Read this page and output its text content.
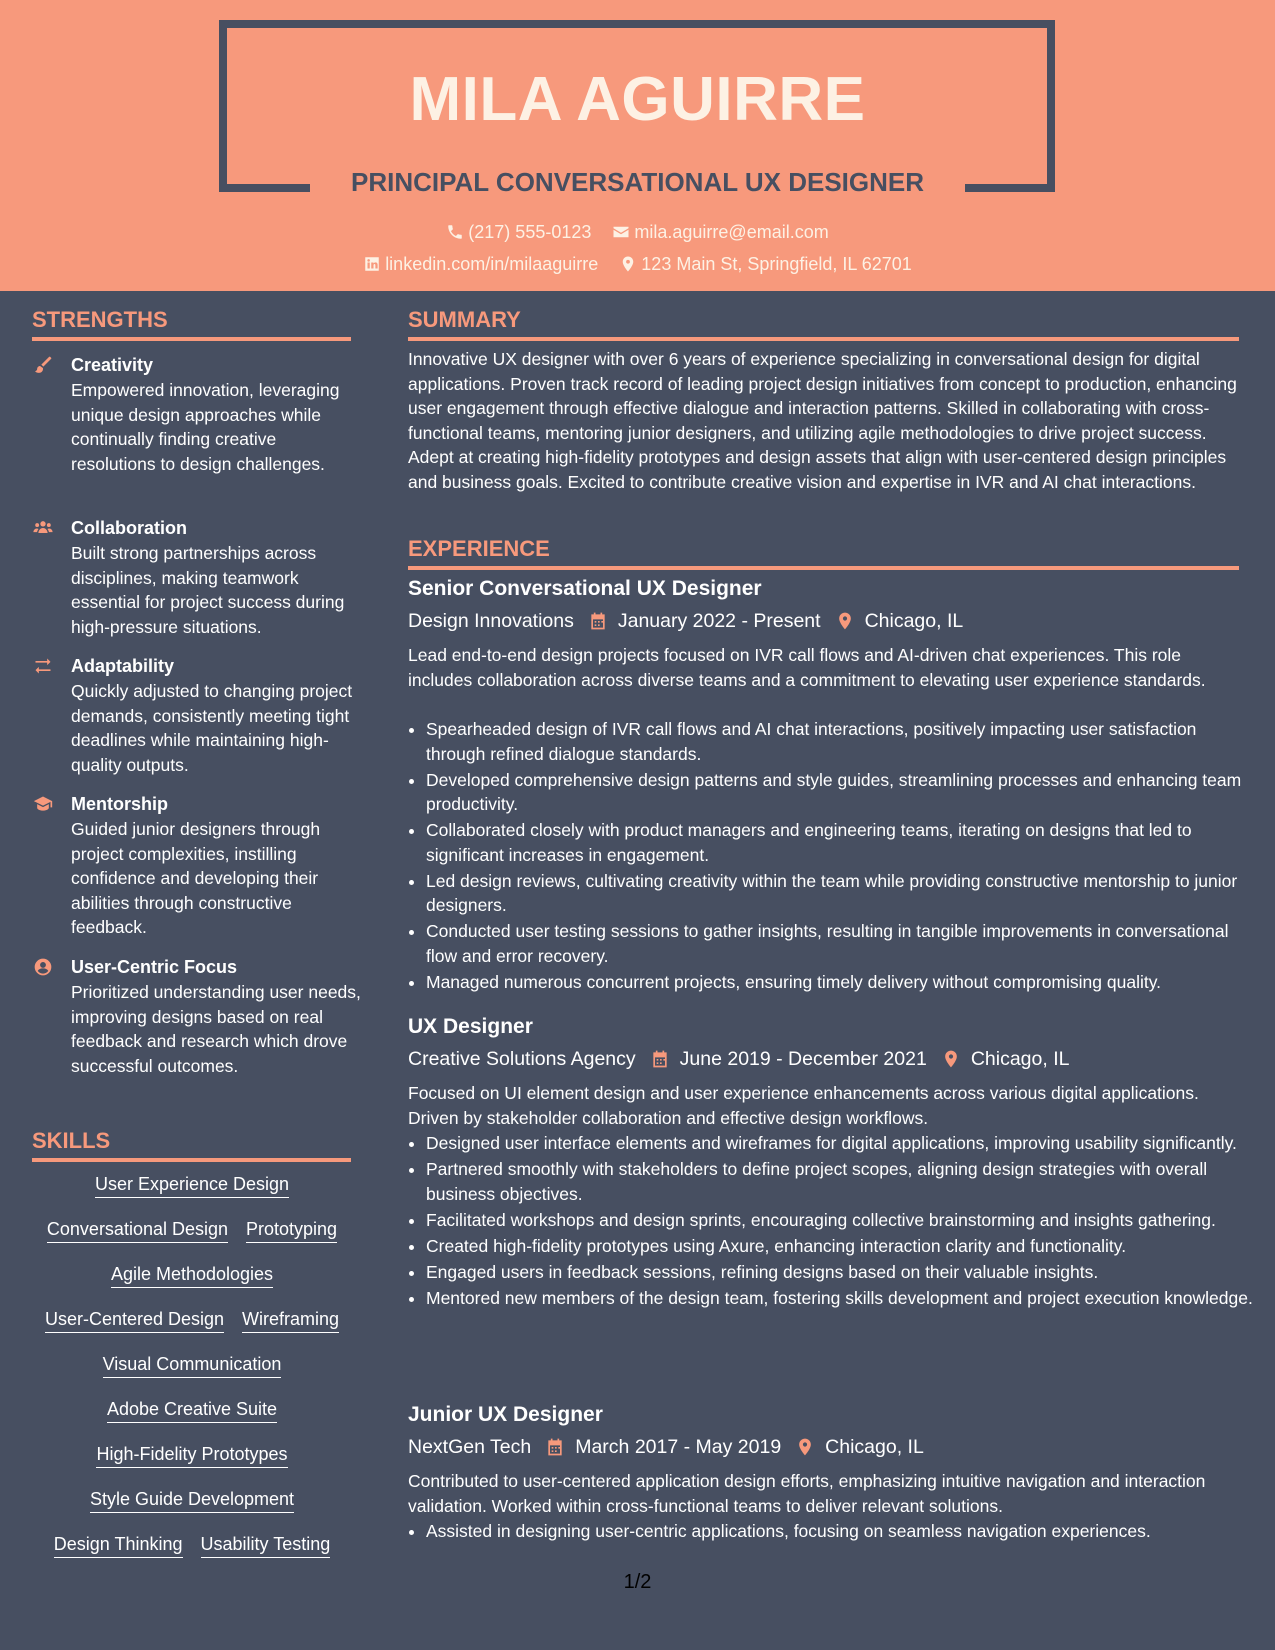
MILA AGUIRRE
PRINCIPAL CONVERSATIONAL UX DESIGNER
(217) 555-0123
mila.aguirre@email.com
linkedin.com/in/milaaguirre
123 Main St, Springfield, IL 62701
STRENGTHS
Creativity
Empowered innovation, leveraging unique design approaches while continually finding creative resolutions to design challenges.
Collaboration
Built strong partnerships across disciplines, making teamwork essential for project success during high-pressure situations.
Adaptability
Quickly adjusted to changing project demands, consistently meeting tight deadlines while maintaining high-quality outputs.
Mentorship
Guided junior designers through project complexities, instilling confidence and developing their abilities through constructive feedback.
User-Centric Focus
Prioritized understanding user needs, improving designs based on real feedback and research which drove successful outcomes.
SKILLS
User Experience Design
Conversational Design Prototyping
Agile Methodologies
User-Centered Design Wireframing
Visual Communication
Adobe Creative Suite
High-Fidelity Prototypes
Style Guide Development
Design Thinking Usability Testing
SUMMARY
Innovative UX designer with over 6 years of experience specializing in conversational design for digital applications. Proven track record of leading project design initiatives from concept to production, enhancing user engagement through effective dialogue and interaction patterns. Skilled in collaborating with cross-functional teams, mentoring junior designers, and utilizing agile methodologies to drive project success. Adept at creating high-fidelity prototypes and design assets that align with user-centered design principles and business goals. Excited to contribute creative vision and expertise in IVR and AI chat interactions.
EXPERIENCE
Senior Conversational UX Designer
Design Innovations January 2022 - Present Chicago, IL
Lead end-to-end design projects focused on IVR call flows and AI-driven chat experiences. This role includes collaboration across diverse teams and a commitment to elevating user experience standards.
• Spearheaded design of IVR call flows and AI chat interactions, positively impacting user satisfaction through refined dialogue standards.
• Developed comprehensive design patterns and style guides, streamlining processes and enhancing team productivity.
• Collaborated closely with product managers and engineering teams, iterating on designs that led to significant increases in engagement.
• Led design reviews, cultivating creativity within the team while providing constructive mentorship to junior designers.
• Conducted user testing sessions to gather insights, resulting in tangible improvements in conversational flow and error recovery.
• Managed numerous concurrent projects, ensuring timely delivery without compromising quality.
UX Designer
Creative Solutions Agency June 2019 - December 2021 Chicago, IL
Focused on UI element design and user experience enhancements across various digital applications. Driven by stakeholder collaboration and effective design workflows.
• Designed user interface elements and wireframes for digital applications, improving usability significantly.
• Partnered smoothly with stakeholders to define project scopes, aligning design strategies with overall business objectives.
• Facilitated workshops and design sprints, encouraging collective brainstorming and insights gathering.
• Created high-fidelity prototypes using Axure, enhancing interaction clarity and functionality.
• Engaged users in feedback sessions, refining designs based on their valuable insights.
• Mentored new members of the design team, fostering skills development and project execution knowledge.
Junior UX Designer
NextGen Tech March 2017 - May 2019 Chicago, IL
Contributed to user-centered application design efforts, emphasizing intuitive navigation and interaction validation. Worked within cross-functional teams to deliver relevant solutions.
• Assisted in designing user-centric applications, focusing on seamless navigation experiences.
1/2
